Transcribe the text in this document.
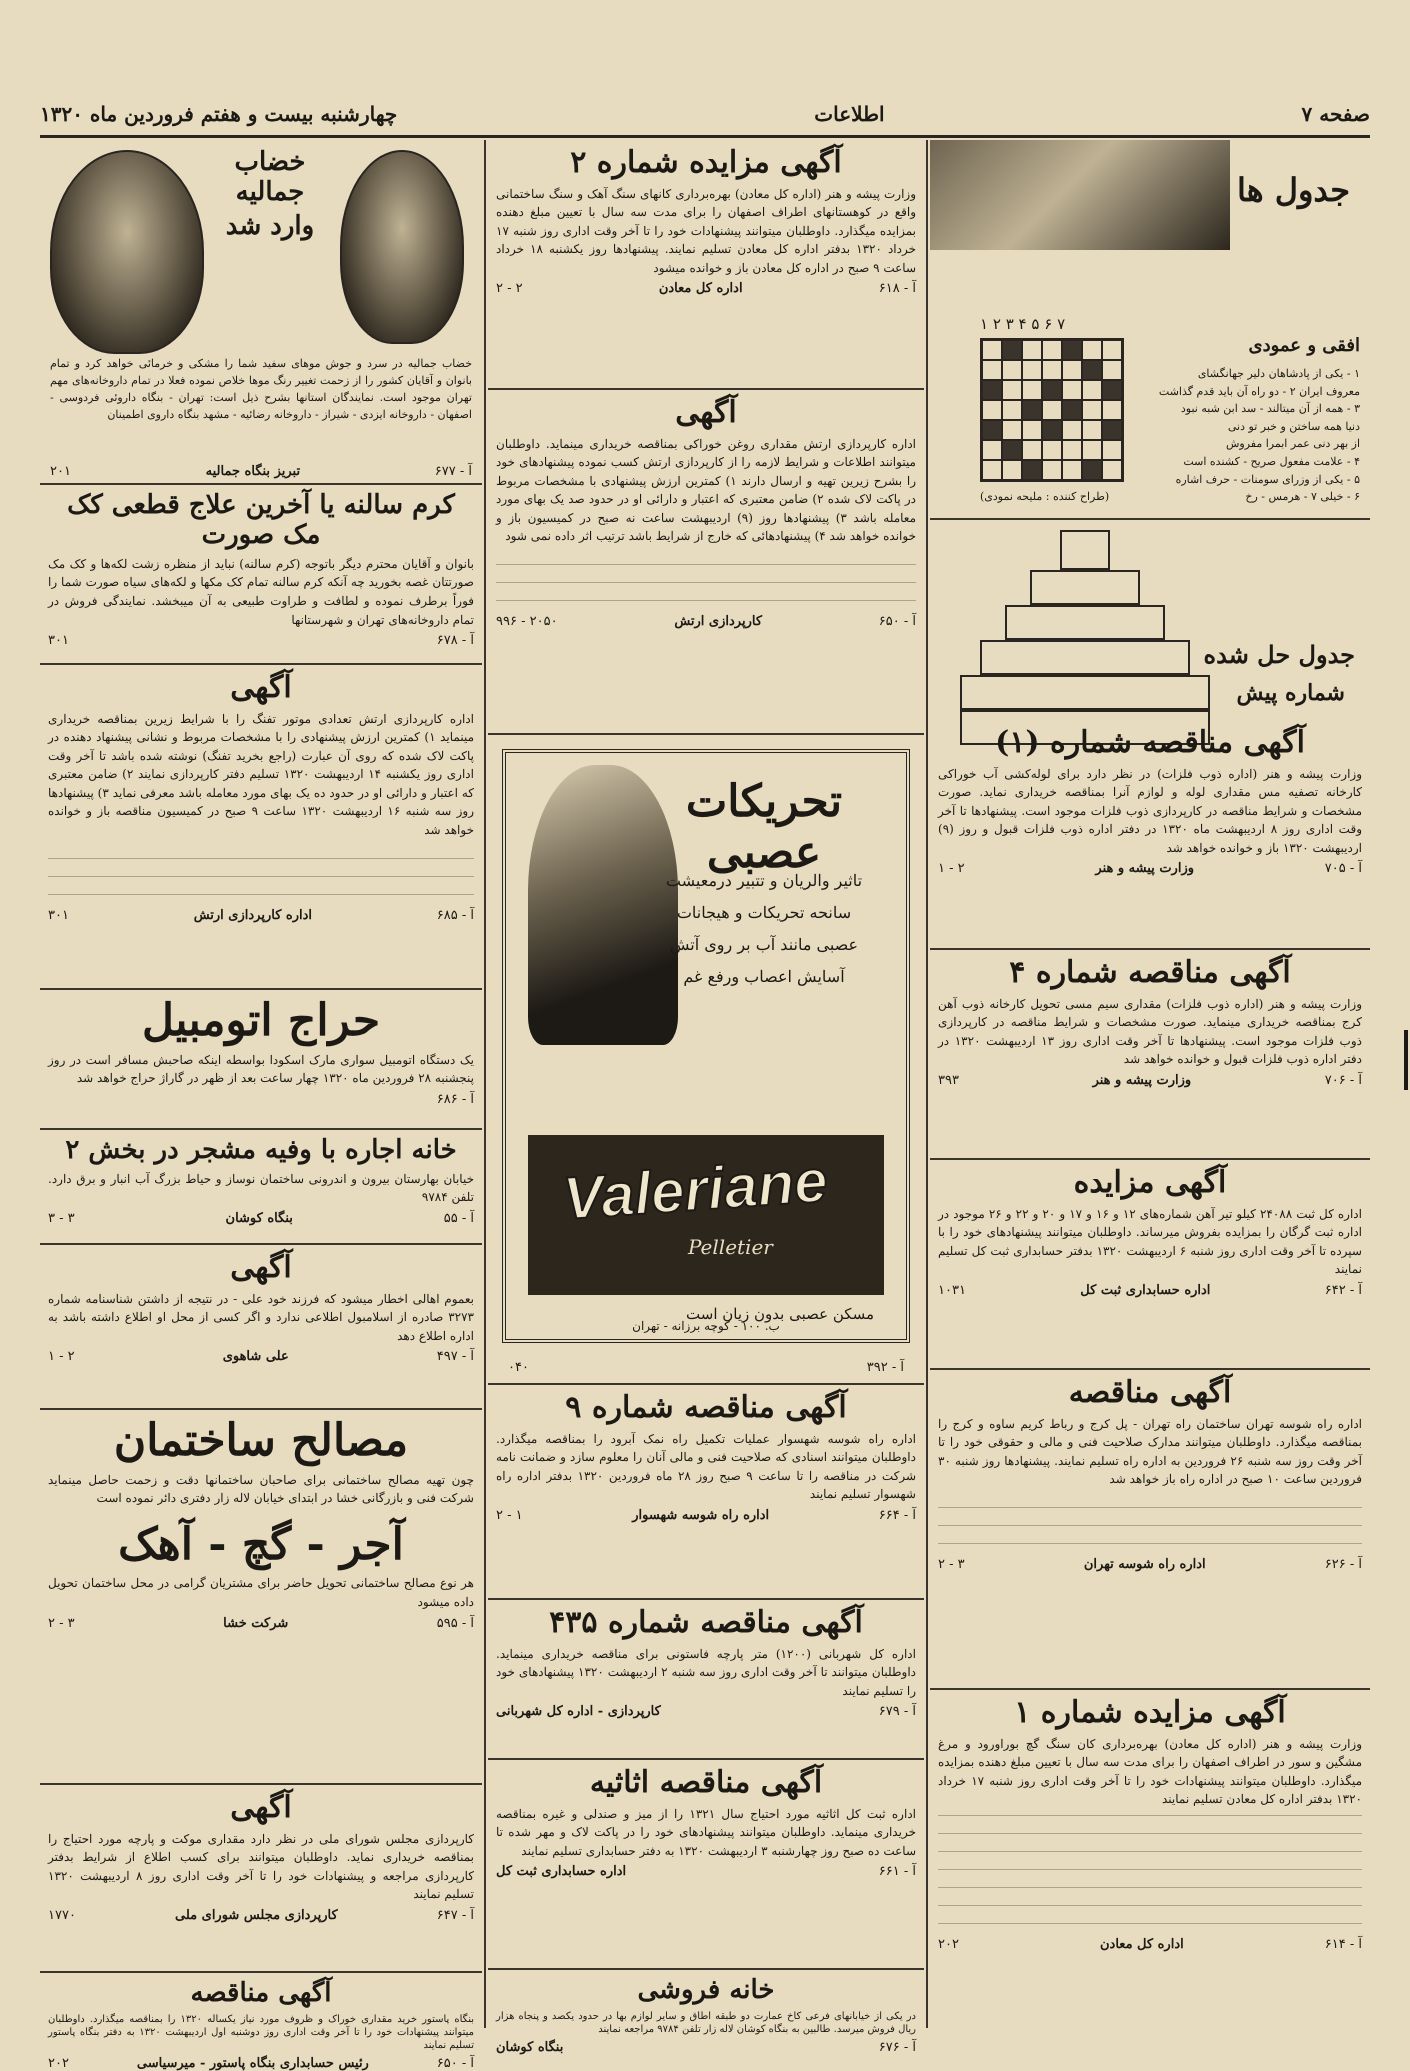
صفحه ۷
اطلاعات
چهارشنبه بیست و هفتم فروردین ماه ۱۳۲۰
جدول ها
افقی و عمودی
۷ ۶ ۵ ۴ ۳ ۲ ۱
۱ - یکی از پادشاهان دلیر جهانگشای
معروف ایران ۲ - دو راه آن باید قدم گذاشت
۳ - همه از آن میتالند - سد ابن شبه نبود
دنیا همه ساختن و خبر تو دنی
از بهر دنی عمر ابمرا مفروش
۴ - علامت مفعول صریح - کشنده است
۵ - یکی از وزرای سومنات - حرف اشاره
۶ - خیلی ۷ - هرمس - رخ
(طراح کننده : ملیحه نمودی)
جدول حل شده
شماره پیش
آگهی مناقصه شماره (۱)
وزارت پیشه و هنر (اداره ذوب فلزات) در نظر دارد برای لوله‌کشی آب خوراکی کارخانه تصفیه مس مقداری لوله و لوازم آنرا بمناقصه خریداری نماید. صورت مشخصات و شرایط مناقصه در کارپردازی ذوب فلزات موجود است. پیشنهادها تا آخر وقت اداری روز ۸ اردیبهشت ماه ۱۳۲۰ در دفتر اداره ذوب فلزات قبول و روز (۹) اردیبهشت ۱۳۲۰ باز و خوانده خواهد شد
آ - ۷۰۵
وزارت پیشه و هنر
۲ - ۱
آگهی مناقصه شماره ۴
وزارت پیشه و هنر (اداره ذوب فلزات) مقداری سیم مسی تحویل کارخانه ذوب آهن کرج بمناقصه خریداری مینماید. صورت مشخصات و شرایط مناقصه در کارپردازی ذوب فلزات موجود است. پیشنهادها تا آخر وقت اداری روز ۱۳ اردیبهشت ۱۳۲۰ در دفتر اداره ذوب فلزات قبول و خوانده خواهد شد
آ - ۷۰۶
وزارت پیشه و هنر
۳۹۳
آگهی مزایده
اداره کل ثبت ۲۴۰۸۸ کیلو تیر آهن شماره‌های ۱۲ و ۱۶ و ۱۷ و ۲۰ و ۲۲ و ۲۶ موجود در اداره ثبت گرگان را بمزایده بفروش میرساند. داوطلبان میتوانند پیشنهادهای خود را با سپرده تا آخر وقت اداری روز شنبه ۶ اردیبهشت ۱۳۲۰ بدفتر حسابداری ثبت کل تسلیم نمایند
آ - ۶۴۲
اداره حسابداری ثبت کل
۱۰۳۱
آگهی مناقصه
اداره راه شوسه تهران ساختمان راه تهران - پل کرج و رباط کریم ساوه و کرج را بمناقصه میگذارد. داوطلبان میتوانند مدارک صلاحیت فنی و مالی و حقوقی خود را تا آخر وقت روز سه شنبه ۲۶ فروردین به اداره راه تسلیم نمایند. پیشنهادها روز شنبه ۳۰ فروردین ساعت ۱۰ صبح در اداره راه باز خواهد شد
آ - ۶۲۶
اداره راه شوسه تهران
۳ - ۲
آگهی مزایده شماره ۱
وزارت پیشه و هنر (اداره کل معادن) بهره‌برداری کان سنگ گچ بوراورود و مرغ مشگین و سور در اطراف اصفهان را برای مدت سه سال با تعیین مبلغ دهنده بمزایده میگذارد. داوطلبان میتوانند پیشنهادات خود را تا آخر وقت اداری روز شنبه ۱۷ خرداد ۱۳۲۰ بدفتر اداره کل معادن تسلیم نمایند
آ - ۶۱۴
اداره کل معادن
۲۰۲
آگهی مزایده شماره ۲
وزارت پیشه و هنر (اداره کل معادن) بهره‌برداری کانهای سنگ آهک و سنگ ساختمانی واقع در کوهستانهای اطراف اصفهان را برای مدت سه سال با تعیین مبلغ دهنده بمزایده میگذارد. داوطلبان میتوانند پیشنهادات خود را تا آخر وقت اداری روز شنبه ۱۷ خرداد ۱۳۲۰ بدفتر اداره کل معادن تسلیم نمایند. پیشنهادها روز یکشنبه ۱۸ خرداد ساعت ۹ صبح در اداره کل معادن باز و خوانده میشود
آ - ۶۱۸
اداره کل معادن
۲ - ۲
آگهی
اداره کارپردازی ارتش مقداری روغن خوراکی بمناقصه خریداری مینماید. داوطلبان میتوانند اطلاعات و شرایط لازمه را از کارپردازی ارتش کسب نموده پیشنهادهای خود را بشرح زیرین تهیه و ارسال دارند ۱) کمترین ارزش پیشنهادی با مشخصات مربوط در پاکت لاک شده ۲) ضامن معتبری که اعتبار و دارائی او در حدود صد یک بهای مورد معامله باشد ۳) پیشنهادها روز (۹) اردیبهشت ساعت نه صبح در کمیسیون باز و خوانده خواهد شد ۴) پیشنهادهائی که خارج از شرایط باشد ترتیب اثر داده نمی شود
آ - ۶۵۰
کارپردازی ارتش
۲۰۵۰ - ۹۹۶
تحریکات عصبی
تاثیر والریان و تتبیر درمعیشت
سانحه تحریکات و هیجانات
عصبی مانند آب بر روی آتش
آسایش اعصاب ورفع غم
Valeriane
Pelletier
مسکن عصبی بدون زیان است
ب. ۱۰۰ - کوچه برزانه - تهران
آ - ۳۹۲
۰۴۰
آگهی مناقصه شماره ۹
اداره راه شوسه شهسوار عملیات تکمیل راه نمک آبرود را بمناقصه میگذارد. داوطلبان میتوانند اسنادی که صلاحیت فنی و مالی آنان را معلوم سازد و ضمانت نامه شرکت در مناقصه را تا ساعت ۹ صبح روز ۲۸ ماه فروردین ۱۳۲۰ بدفتر اداره راه شهسوار تسلیم نمایند
آ - ۶۶۴
اداره راه شوسه شهسوار
۱ - ۲
آگهی مناقصه شماره ۴۳۵
اداره کل شهربانی (۱۲۰۰) متر پارچه فاستونی برای مناقصه خریداری مینماید. داوطلبان میتوانند تا آخر وقت اداری روز سه شنبه ۲ اردیبهشت ۱۳۲۰ پیشنهادهای خود را تسلیم نمایند
آ - ۶۷۹
کارپردازی - اداره کل شهربانی
آگهی مناقصه اثاثیه
اداره ثبت کل اثاثیه مورد احتیاج سال ۱۳۲۱ را از میز و صندلی و غیره بمناقصه خریداری مینماید. داوطلبان میتوانند پیشنهادهای خود را در پاکت لاک و مهر شده تا ساعت ده صبح روز چهارشنبه ۳ اردیبهشت ۱۳۲۰ به دفتر حسابداری تسلیم نمایند
آ - ۶۶۱
اداره حسابداری ثبت کل
خانه فروشی
در یکی از خیابانهای فرعی کاخ عمارت دو طبقه اطاق و سایر لوازم بها در حدود یکصد و پنجاه هزار ریال فروش میرسد. طالبین به بنگاه کوشان لاله زار تلفن ۹۷۸۴ مراجعه نمایند
آ - ۶۷۶
بنگاه کوشان
خضاب جمالیه
وارد شد
خضاب جمالیه در سرد و جوش موهای سفید شما را مشکی و خرمائی خواهد کرد و تمام بانوان و آقایان کشور را از زحمت تغییر رنگ موها خلاص نموده فعلا در تمام داروخانه‌های مهم تهران موجود است. نمایندگان استانها بشرح ذیل است: تهران - بنگاه داروئی فردوسی - اصفهان - داروخانه ایزدی - شیراز - داروخانه رضائیه - مشهد بنگاه داروی اطمینان
آ - ۶۷۷
تبریز بنگاه جمالیه
۲۰۱
کرم سالنه یا آخرین علاج قطعی کک مک صورت
بانوان و آقایان محترم دیگر باتوجه (کرم سالنه) نباید از منظره زشت لکه‌ها و کک مک صورتتان غصه بخورید چه آنکه کرم سالنه تمام کک مکها و لکه‌های سیاه صورت شما را فوراً برطرف نموده و لطافت و طراوت طبیعی به آن میبخشد. نمایندگی فروش در تمام داروخانه‌های تهران و شهرستانها
آ - ۶۷۸
۳۰۱
آگهی
اداره کارپردازی ارتش تعدادی موتور تفنگ را با شرایط زیرین بمناقصه خریداری مینماید ۱) کمترین ارزش پیشنهادی را با مشخصات مربوط و نشانی پیشنهاد دهنده در پاکت لاک شده که روی آن عبارت (راجع بخرید تفنگ) نوشته شده باشد تا آخر وقت اداری روز یکشنبه ۱۴ اردیبهشت ۱۳۲۰ تسلیم دفتر کارپردازی نمایند ۲) ضامن معتبری که اعتبار و دارائی او در حدود ده یک بهای مورد معامله باشد معرفی نماید ۳) پیشنهادها روز سه شنبه ۱۶ اردیبهشت ۱۳۲۰ ساعت ۹ صبح در کمیسیون مناقصه باز و خوانده خواهد شد
آ - ۶۸۵
اداره کارپردازی ارتش
۳۰۱
حراج اتومبیل
یک دستگاه اتومبیل سواری مارک اسکودا بواسطه اینکه صاحبش مسافر است در روز پنجشنبه ۲۸ فروردین ماه ۱۳۲۰ چهار ساعت بعد از ظهر در گاراژ حراج خواهد شد
آ - ۶۸۶
خانه اجاره با وفیه مشجر در بخش ۲
خیابان بهارستان بیرون و اندرونی ساختمان نوساز و حیاط بزرگ آب انبار و برق دارد. تلفن ۹۷۸۴
آ - ۵۵
بنگاه کوشان
۳ - ۳
آگهی
بعموم اهالی اخطار میشود که فرزند خود علی - در نتیجه از داشتن شناسنامه شماره ۳۲۷۳ صادره از اسلامبول اطلاعی ندارد و اگر کسی از محل او اطلاع داشته باشد به اداره اطلاع دهد
آ - ۴۹۷
علی شاهوی
۲ - ۱
مصالح ساختمان
چون تهیه مصالح ساختمانی برای صاحبان ساختمانها دقت و زحمت حاصل مینماید شرکت فنی و بازرگانی خشا در ابتدای خیابان لاله زار دفتری دائر نموده است
آجر - گچ - آهک
هر نوع مصالح ساختمانی تحویل حاضر برای مشتریان گرامی در محل ساختمان تحویل داده میشود
آ - ۵۹۵
شرکت خشا
۳ - ۲
آگهی
کارپردازی مجلس شورای ملی در نظر دارد مقداری موکت و پارچه مورد احتیاج را بمناقصه خریداری نماید. داوطلبان میتوانند برای کسب اطلاع از شرایط بدفتر کارپردازی مراجعه و پیشنهادات خود را تا آخر وقت اداری روز ۸ اردیبهشت ۱۳۲۰ تسلیم نمایند
آ - ۶۴۷
کارپردازی مجلس شورای ملی
۱۷۷۰
آگهی مناقصه
بنگاه پاستور خرید مقداری خوراک و ظروف مورد نیاز یکساله ۱۳۲۰ را بمناقصه میگذارد. داوطلبان میتوانند پیشنهادات خود را تا آخر وقت اداری روز دوشنبه اول اردیبهشت ۱۳۲۰ به دفتر بنگاه پاستور تسلیم نمایند
آ - ۶۵۰
رئیس حسابداری بنگاه پاستور - میرسیاسی
۲۰۲
